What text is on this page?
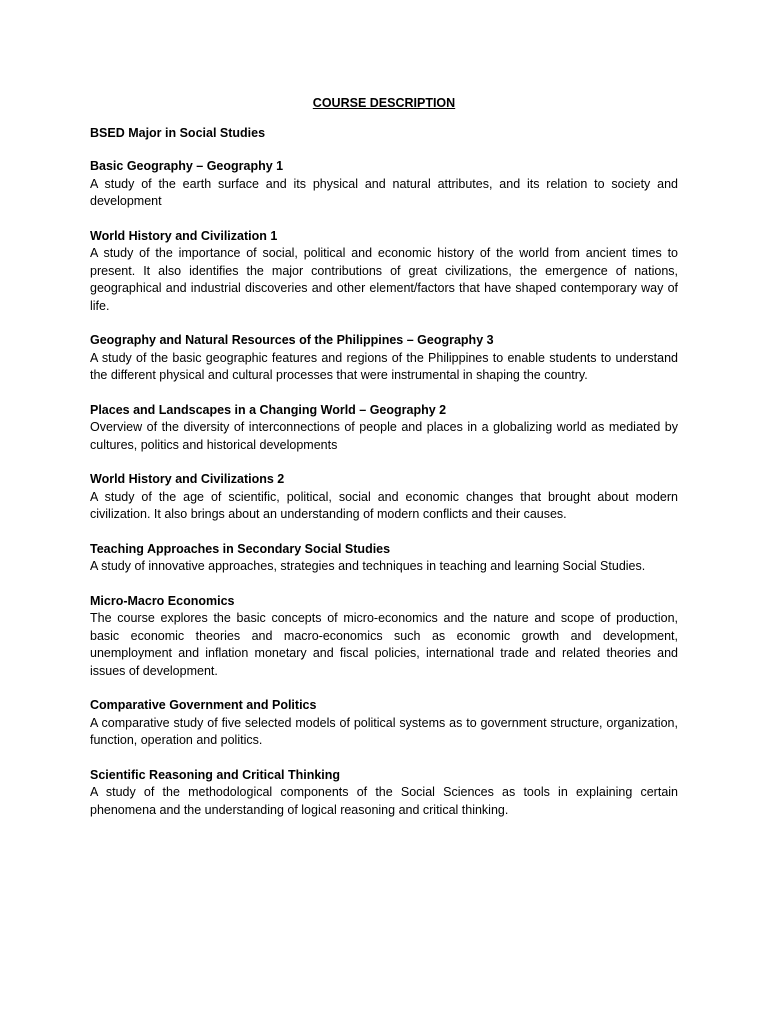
COURSE DESCRIPTION
BSED Major in Social Studies

Basic Geography – Geography 1

A study of the earth surface and its physical and natural attributes, and its relation to society and development

World History and Civilization 1

A study of the importance of social, political and economic history of the world from ancient times to present. It also identifies the major contributions of great civilizations, the emergence of nations, geographical and industrial discoveries and other element/factors that have shaped contemporary way of life.

Geography and Natural Resources of the Philippines – Geography 3

A study of the basic geographic features and regions of the Philippines to enable students to understand the different physical and cultural processes that were instrumental in shaping the country.

Places and Landscapes in a Changing World – Geography 2

Overview of the diversity of interconnections of people and places in a globalizing world as mediated by cultures, politics and historical developments

World History and Civilizations 2

A study of the age of scientific, political, social and economic changes that brought about modern civilization. It also brings about an understanding of modern conflicts and their causes.

Teaching Approaches in Secondary Social Studies

A study of innovative approaches, strategies and techniques in teaching and learning Social Studies.

Micro-Macro Economics

The course explores the basic concepts of micro-economics and the nature and scope of production, basic economic theories and macro-economics such as economic growth and development, unemployment and inflation monetary and fiscal policies, international trade and related theories and issues of development.

Comparative Government and Politics

A comparative study of five selected models of political systems as to government structure, organization, function, operation and politics.

Scientific Reasoning and Critical Thinking

A study of the methodological components of the Social Sciences as tools in explaining certain phenomena and the understanding of logical reasoning and critical thinking.
